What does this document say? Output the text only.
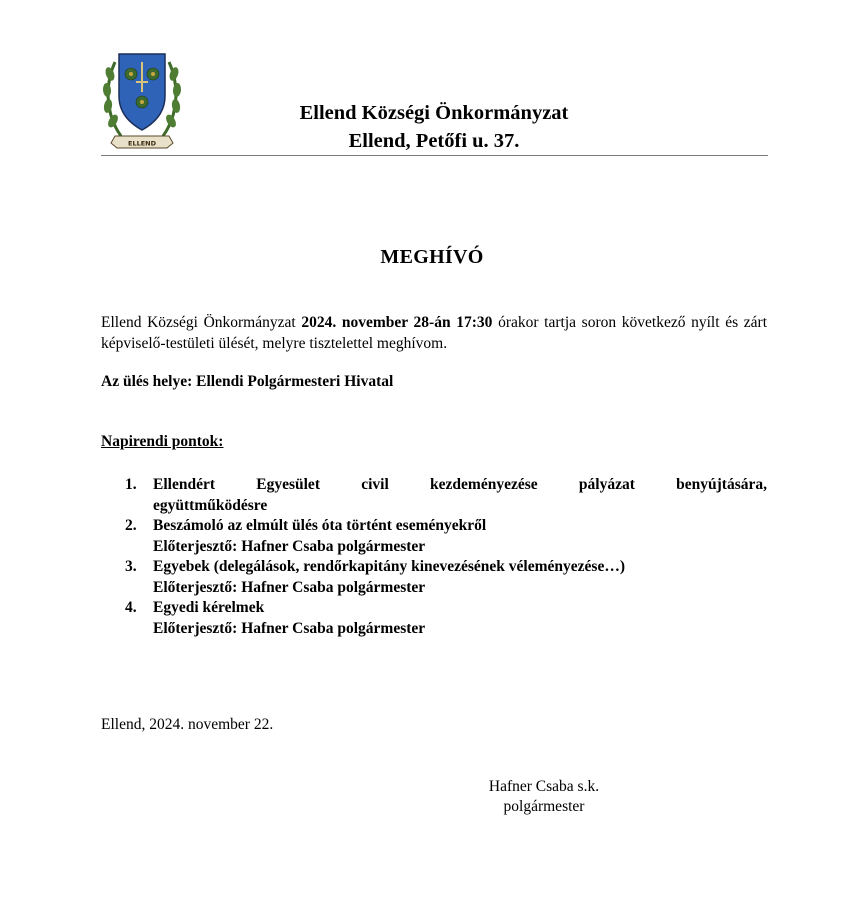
ELLEND
Ellend Községi Önkormányzat
Ellend, Petőfi u. 37.
MEGHÍVÓ

Ellend Községi Önkormányzat 2024. november 28-án 17:30 órakor tartja soron következő nyílt és zárt képviselő-testületi ülését, melyre tisztelettel meghívom.

Az ülés helye: Ellendi Polgármesteri Hivatal
Napirendi pontok:
1. Ellendért Egyesület civil kezdeményezése pályázat benyújtására,
együttműködésre
2. Beszámoló az elmúlt ülés óta történt eseményekről
Előterjesztő: Hafner Csaba polgármester
3. Egyebek (delegálások, rendőrkapitány kinevezésének véleményezése…)
Előterjesztő: Hafner Csaba polgármester
4. Egyedi kérelmek
Előterjesztő: Hafner Csaba polgármester
Ellend, 2024. november 22.
Hafner Csaba s.k.
polgármester
